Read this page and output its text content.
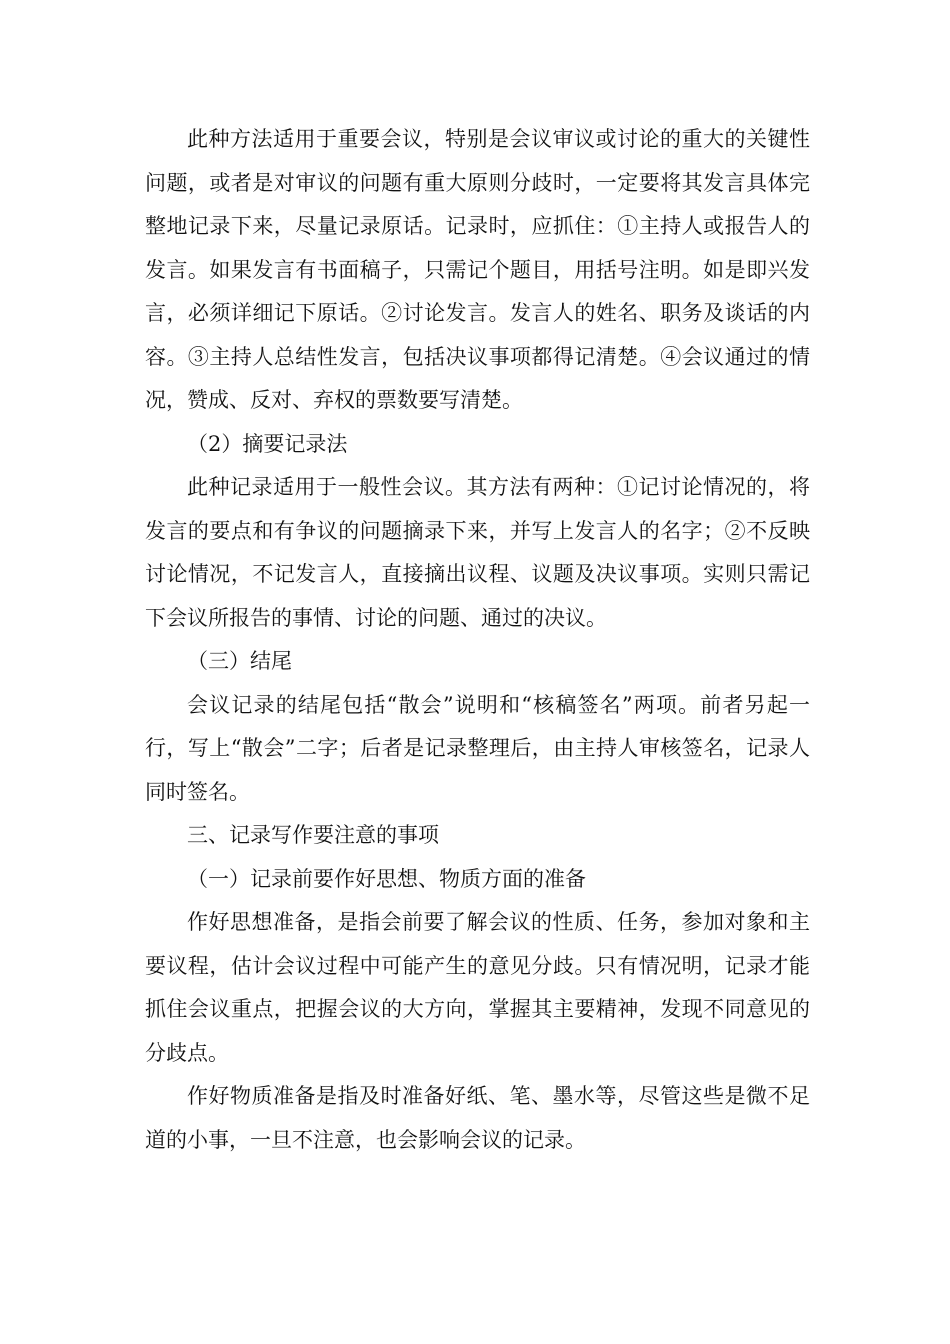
此种方法适用于重要会议，特别是会议审议或讨论的重大的关键性问题，或者是对审议的问题有重大原则分歧时，一定要将其发言具体完整地记录下来，尽量记录原话。记录时，应抓住：①主持人或报告人的发言。如果发言有书面稿子，只需记个题目，用括号注明。如是即兴发言，必须详细记下原话。②讨论发言。发言人的姓名、职务及谈话的内容。③主持人总结性发言，包括决议事项都得记清楚。④会议通过的情况，赞成、反对、弃权的票数要写清楚。

（2）摘要记录法

此种记录适用于一般性会议。其方法有两种：①记讨论情况的，将发言的要点和有争议的问题摘录下来，并写上发言人的名字；②不反映讨论情况，不记发言人，直接摘出议程、议题及决议事项。实则只需记下会议所报告的事情、讨论的问题、通过的决议。

（三）结尾

会议记录的结尾包括“散会”说明和“核稿签名”两项。前者另起一行，写上“散会”二字；后者是记录整理后，由主持人审核签名，记录人同时签名。

三、记录写作要注意的事项

（一）记录前要作好思想、物质方面的准备

作好思想准备，是指会前要了解会议的性质、任务，参加对象和主要议程，估计会议过程中可能产生的意见分歧。只有情况明，记录才能抓住会议重点，把握会议的大方向，掌握其主要精神，发现不同意见的分歧点。

作好物质准备是指及时准备好纸、笔、墨水等，尽管这些是微不足道的小事，一旦不注意，也会影响会议的记录。
